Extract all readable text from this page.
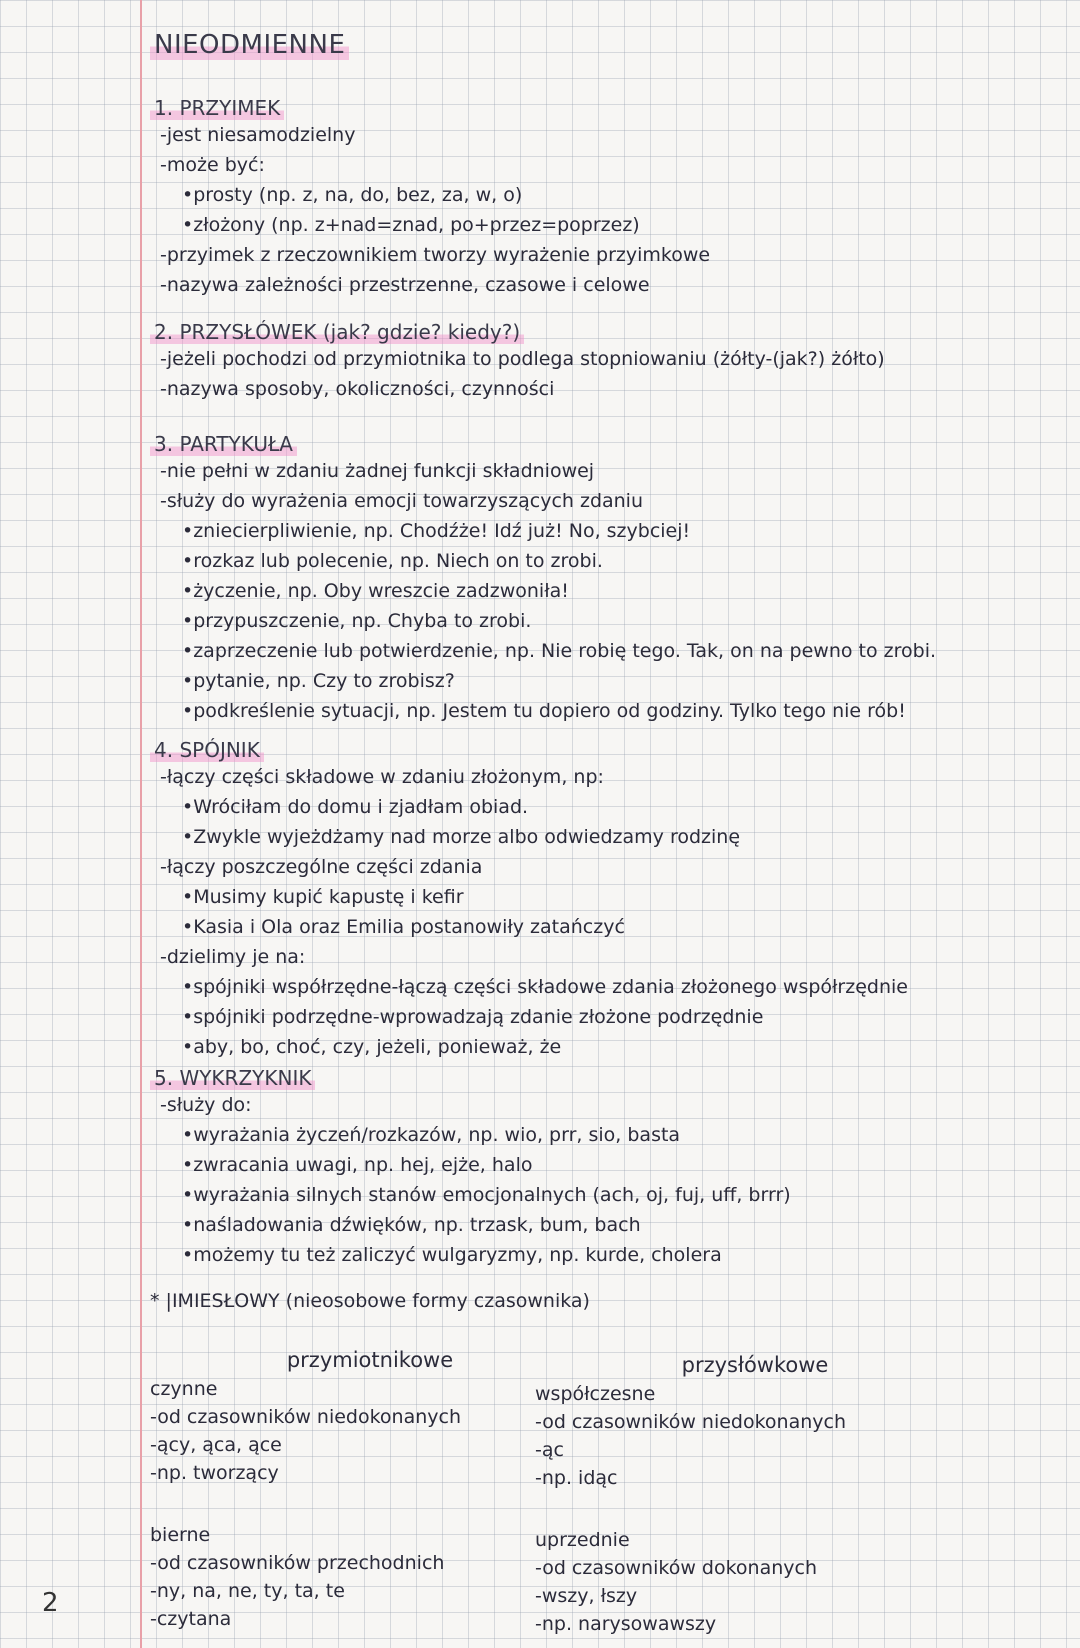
2
NIEODMIENNE
1. PRZYIMEK
-jest niesamodzielny
-może być:
•prosty (np. z, na, do, bez, za, w, o)
•złożony (np. z+nad=znad, po+przez=poprzez)
-przyimek z rzeczownikiem tworzy wyrażenie przyimkowe
-nazywa zależności przestrzenne, czasowe i celowe
2. PRZYSŁÓWEK (jak? gdzie? kiedy?)
-jeżeli pochodzi od przymiotnika to podlega stopniowaniu (żółty-(jak?) żółto)
-nazywa sposoby, okoliczności, czynności
3. PARTYKUŁA
-nie pełni w zdaniu żadnej funkcji składniowej
-służy do wyrażenia emocji towarzyszących zdaniu
•zniecierpliwienie, np. Chodźże! Idź już! No, szybciej!
•rozkaz lub polecenie, np. Niech on to zrobi.
•życzenie, np. Oby wreszcie zadzwoniła!
•przypuszczenie, np. Chyba to zrobi.
•zaprzeczenie lub potwierdzenie, np. Nie robię tego. Tak, on na pewno to zrobi.
•pytanie, np. Czy to zrobisz?
•podkreślenie sytuacji, np. Jestem tu dopiero od godziny. Tylko tego nie rób!
4. SPÓJNIK
-łączy części składowe w zdaniu złożonym, np:
•Wróciłam do domu i zjadłam obiad.
•Zwykle wyjeżdżamy nad morze albo odwiedzamy rodzinę
-łączy poszczególne części zdania
•Musimy kupić kapustę i kefir
•Kasia i Ola oraz Emilia postanowiły zatańczyć
-dzielimy je na:
•spójniki współrzędne-łączą części składowe zdania złożonego współrzędnie
•spójniki podrzędne-wprowadzają zdanie złożone podrzędnie
•aby, bo, choć, czy, jeżeli, ponieważ, że
5. WYKRZYKNIK
-służy do:
•wyrażania życzeń/rozkazów, np. wio, prr, sio, basta
•zwracania uwagi, np. hej, ejże, halo
•wyrażania silnych stanów emocjonalnych (ach, oj, fuj, uff, brrr)
•naśladowania dźwięków, np. trzask, bum, bach
•możemy tu też zaliczyć wulgaryzmy, np. kurde, cholera
* |IMIESŁOWY (nieosobowe formy czasownika)
przymiotnikowe
czynne
-od czasowników niedokonanych
-ący, ąca, ące
-np. tworzący
bierne
-od czasowników przechodnich
-ny, na, ne, ty, ta, te
-czytana
przysłówkowe
współczesne
-od czasowników niedokonanych
-ąc
-np. idąc
uprzednie
-od czasowników dokonanych
-wszy, łszy
-np. narysowawszy
